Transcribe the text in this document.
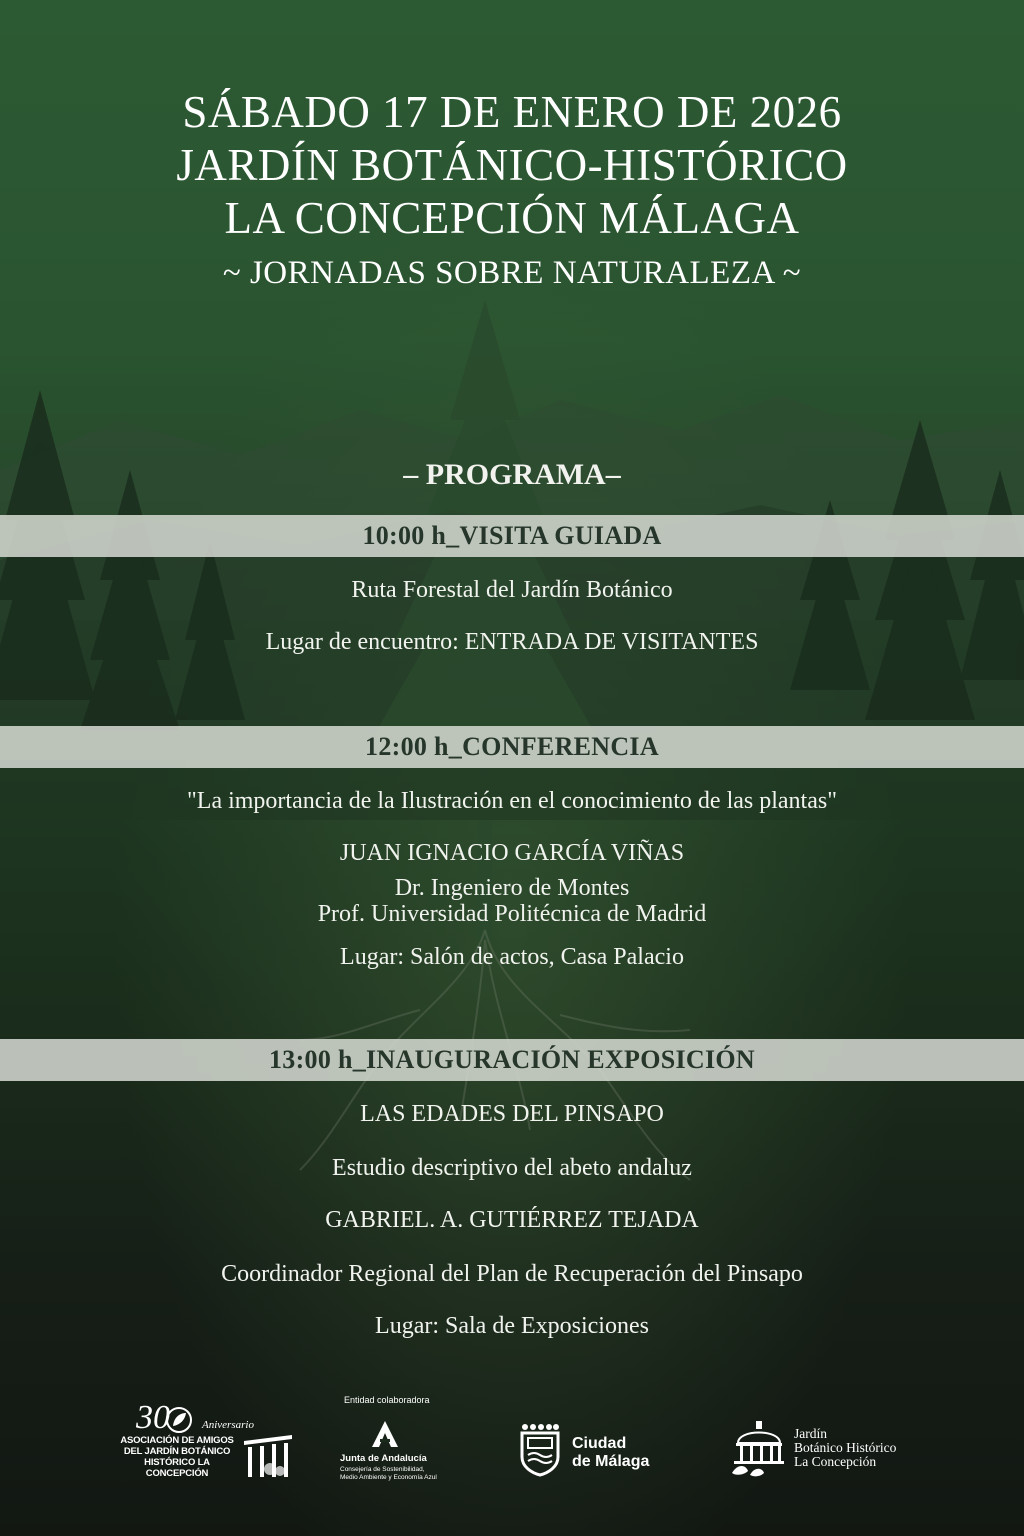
SÁBADO 17 DE ENERO DE 2026
JARDÍN BOTÁNICO-HISTÓRICO
LA CONCEPCIÓN MÁLAGA
~ JORNADAS SOBRE NATURALEZA ~
– PROGRAMA–
10:00 h_VISITA GUIADA
Ruta Forestal del Jardín Botánico
Lugar de encuentro: ENTRADA DE VISITANTES
12:00 h_CONFERENCIA
"La importancia de la Ilustración en el conocimiento de las plantas"
JUAN IGNACIO GARCÍA VIÑAS
Dr. Ingeniero de Montes
Prof. Universidad Politécnica de Madrid
Lugar: Salón de actos, Casa Palacio
13:00 h_INAUGURACIÓN EXPOSICIÓN
LAS EDADES DEL PINSAPO
Estudio descriptivo del abeto andaluz
GABRIEL. A. GUTIÉRREZ TEJADA
Coordinador Regional del Plan de Recuperación del Pinsapo
Lugar: Sala de Exposiciones
30	Aniversario
ASOCIACIÓN DE AMIGOS
DEL JARDÍN BOTÁNICO
HISTÓRICO LA CONCEPCIÓN
Entidad colaboradora
Junta de Andalucía
Consejería de Sostenibilidad,
Medio Ambiente y Economía Azul
Ciudad
de Málaga
Jardín
Botánico Histórico
La Concepción
